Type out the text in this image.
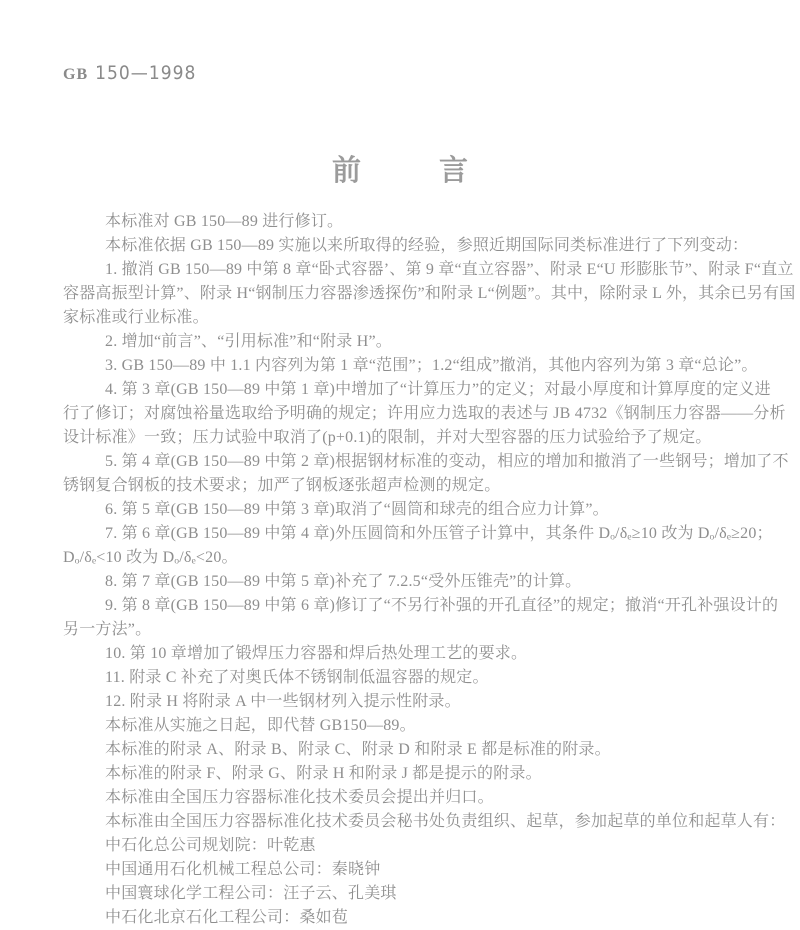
GB 150—1998
前	言
本标准对 GB 150—89 进行修订。
本标准依据 GB 150—89 实施以来所取得的经验，参照近期国际同类标准进行了下列变动：
1. 撤消 GB 150—89 中第 8 章“卧式容器’、第 9 章“直立容器”、附录 E“U 形膨胀节”、附录 F“直立
容器高振型计算”、附录 H“钢制压力容器渗透探伤”和附录 L“例题”。其中，除附录 L 外，其余已另有国
家标准或行业标准。
2. 增加“前言”、“引用标准”和“附录 H”。
3. GB 150—89 中 1.1 内容列为第 1 章“范围”；1.2“组成”撤消，其他内容列为第 3 章“总论”。
4. 第 3 章(GB 150—89 中第 1 章)中增加了“计算压力”的定义；对最小厚度和计算厚度的定义进
行了修订；对腐蚀裕量选取给予明确的规定；许用应力选取的表述与 JB 4732《钢制压力容器——分析
设计标准》一致；压力试验中取消了(p+0.1)的限制，并对大型容器的压力试验给予了规定。
5. 第 4 章(GB 150—89 中第 2 章)根据钢材标准的变动，相应的增加和撤消了一些钢号；增加了不
锈钢复合钢板的技术要求；加严了钢板逐张超声检测的规定。
6. 第 5 章(GB 150—89 中第 3 章)取消了“圆筒和球壳的组合应力计算”。
7. 第 6 章(GB 150—89 中第 4 章)外压圆筒和外压管子计算中，其条件 Dₒ/δₑ≥10 改为 Dₒ/δₑ≥20；
Dₒ/δₑ<10 改为 Dₒ/δₑ<20。
8. 第 7 章(GB 150—89 中第 5 章)补充了 7.2.5“受外压锥壳”的计算。
9. 第 8 章(GB 150—89 中第 6 章)修订了“不另行补强的开孔直径”的规定；撤消“开孔补强设计的
另一方法”。
10. 第 10 章增加了锻焊压力容器和焊后热处理工艺的要求。
11. 附录 C 补充了对奥氏体不锈钢制低温容器的规定。
12. 附录 H 将附录 A 中一些钢材列入提示性附录。
本标准从实施之日起，即代替 GB150—89。
本标准的附录 A、附录 B、附录 C、附录 D 和附录 E 都是标准的附录。
本标准的附录 F、附录 G、附录 H 和附录 J 都是提示的附录。
本标准由全国压力容器标准化技术委员会提出并归口。
本标准由全国压力容器标准化技术委员会秘书处负责组织、起草，参加起草的单位和起草人有：
中石化总公司规划院：叶乾惠
中国通用石化机械工程总公司：秦晓钟
中国寰球化学工程公司：汪子云、孔美琪
中石化北京石化工程公司：桑如苞
